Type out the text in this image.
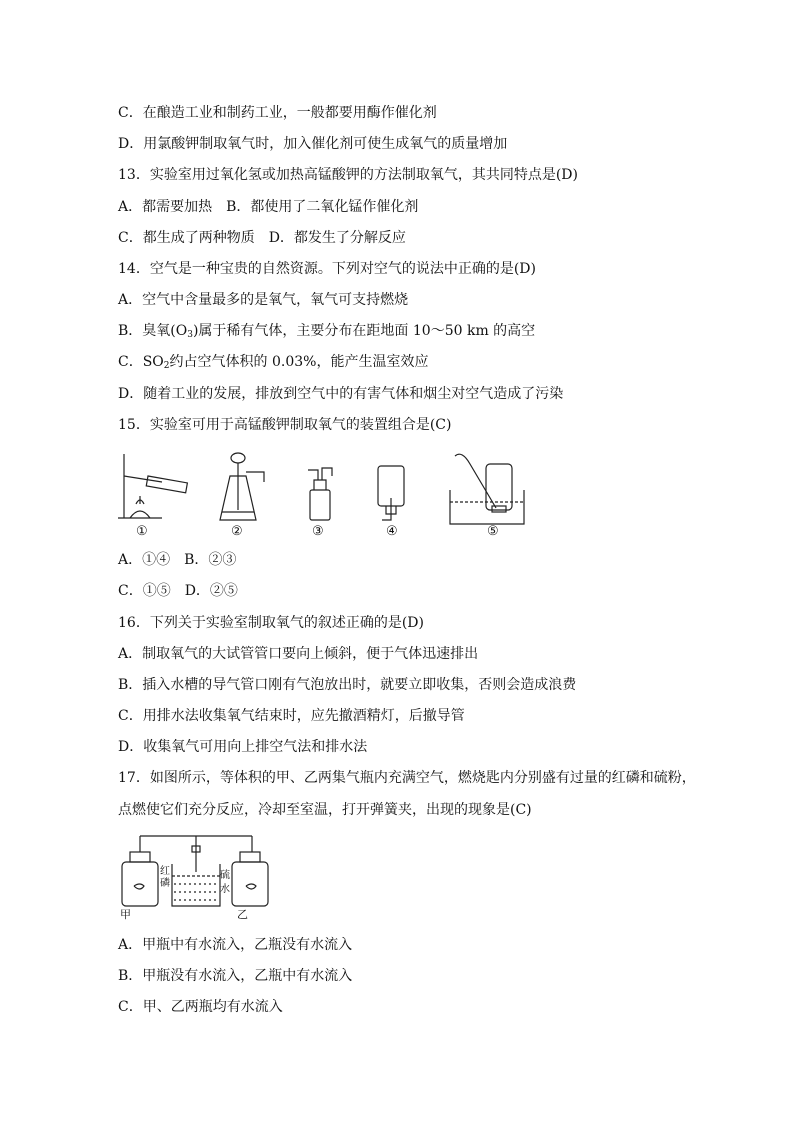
C．在酿造工业和制药工业，一般都要用酶作催化剂
D．用氯酸钾制取氧气时，加入催化剂可使生成氧气的质量增加
13．实验室用过氧化氢或加热高锰酸钾的方法制取氧气，其共同特点是(D)
A．都需要加热　B．都使用了二氧化锰作催化剂
C．都生成了两种物质　D．都发生了分解反应
14．空气是一种宝贵的自然资源。下列对空气的说法中正确的是(D)
A．空气中含量最多的是氧气，氧气可支持燃烧
B．臭氧$(O_3)$属于稀有气体，主要分布在距地面 10～50 km 的高空
C．$SO_2$约占空气体积的 0.03%，能产生温室效应
D．随着工业的发展，排放到空气中的有害气体和烟尘对空气造成了污染
15．实验室可用于高锰酸钾制取氧气的装置组合是(C)
①	②	③	④	⑤
A．①④　B．②③
C．①⑤　D．②⑤
16．下列关于实验室制取氧气的叙述正确的是(D)
A．制取氧气的大试管管口要向上倾斜，便于气体迅速排出
B．插入水槽的导气管口刚有气泡放出时，就要立即收集，否则会造成浪费
C．用排水法收集氧气结束时，应先撤酒精灯，后撤导管
D．收集氧气可用向上排空气法和排水法
17．如图所示，等体积的甲、乙两集气瓶内充满空气，燃烧匙内分别盛有过量的红磷和硫粉，
点燃使它们充分反应，冷却至室温，打开弹簧夹，出现的现象是(C)
甲	乙
红磷
硫
水
A．甲瓶中有水流入，乙瓶没有水流入
B．甲瓶没有水流入，乙瓶中有水流入
C．甲、乙两瓶均有水流入
